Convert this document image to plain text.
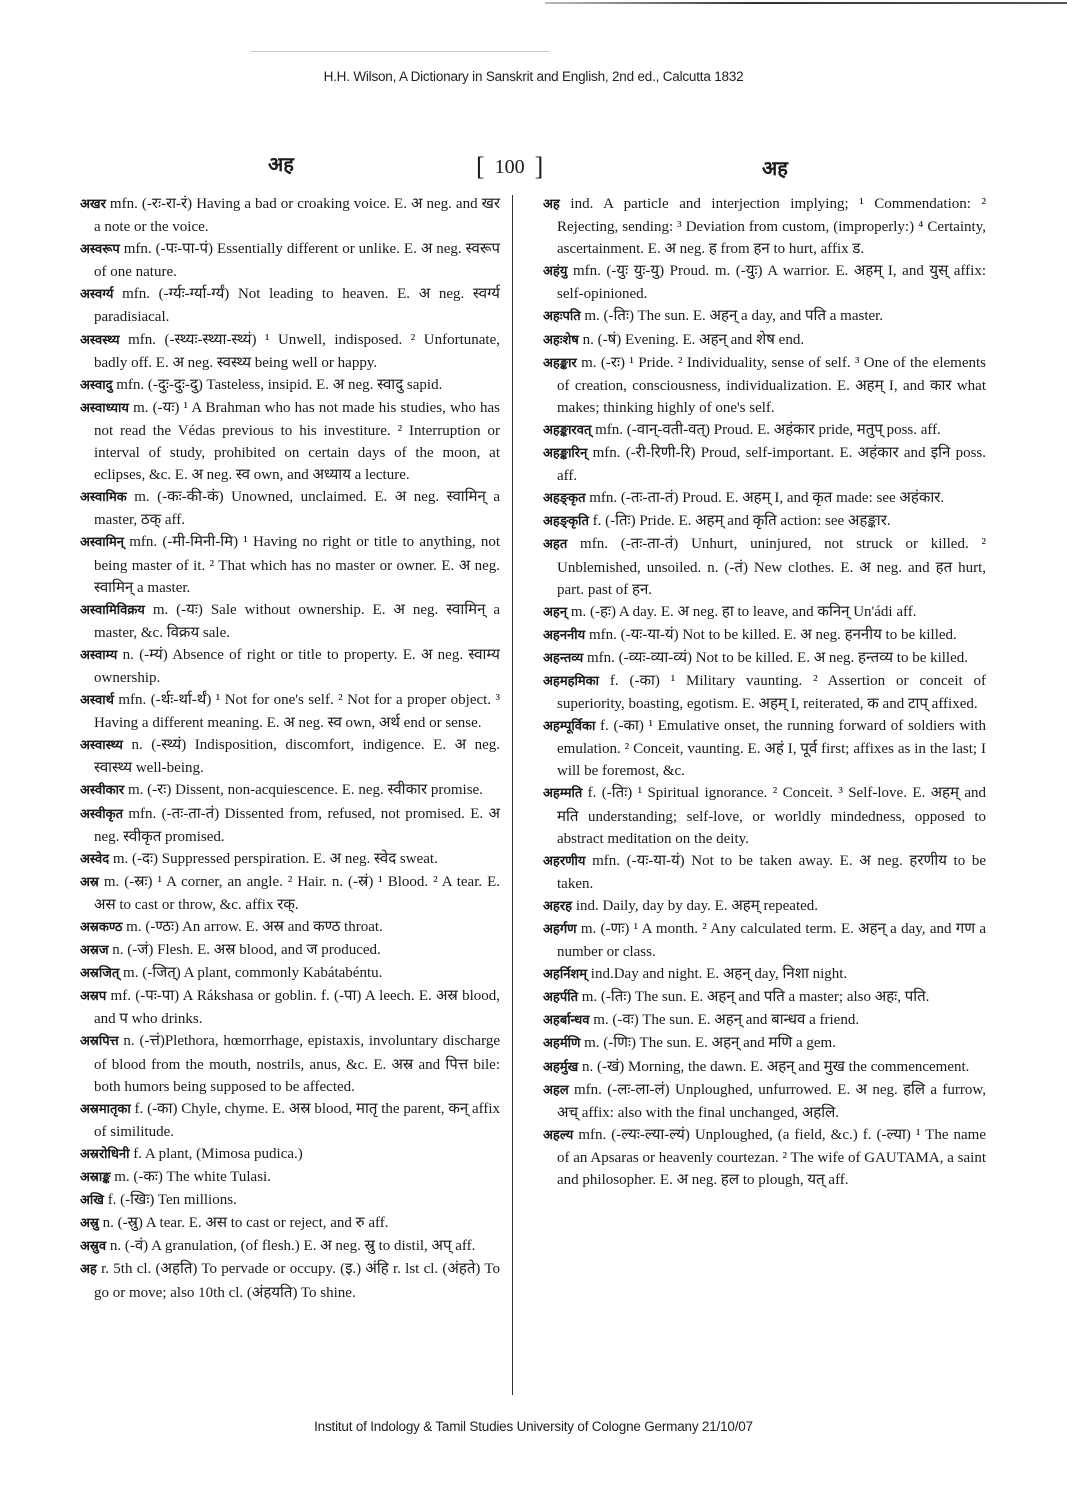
H.H. Wilson, A Dictionary in Sanskrit and English, 2nd ed., Calcutta 1832
अह	[ 100 ]	अह

अखर mfn. (-रः-रा-रं) Having a bad or croaking voice. E. अ neg. and खर a note or the voice.

अस्वरूप mfn. (-पः-पा-पं) Essentially different or unlike. E. अ neg. स्वरूप of one nature.

अस्वर्ग्य mfn. (-र्ग्यः-र्ग्या-र्ग्यं) Not leading to heaven. E. अ neg. स्वर्ग्य paradisiacal.

अस्वस्थ्य mfn. (-स्थ्यः-स्थ्या-स्थ्यं) ¹ Unwell, indisposed. ² Unfortunate, badly off. E. अ neg. स्वस्थ्य being well or happy.

अस्वादु mfn. (-दुः-दुः-दु) Tasteless, insipid. E. अ neg. स्वादु sapid.

अस्वाध्याय m. (-यः) ¹ A Brahman who has not made his studies, who has not read the Védas previous to his investiture. ² Interruption or interval of study, prohibited on certain days of the moon, at eclipses, &c. E. अ neg. स्व own, and अध्याय a lecture.

अस्वामिक m. (-कः-की-कं) Unowned, unclaimed. E. अ neg. स्वामिन् a master, ठक् aff.

अस्वामिन् mfn. (-मी-मिनी-मि) ¹ Having no right or title to anything, not being master of it. ² That which has no master or owner. E. अ neg. स्वामिन् a master.

अस्वामिविक्रय m. (-यः) Sale without ownership. E. अ neg. स्वामिन् a master, &c. विक्रय sale.

अस्वाम्य n. (-म्यं) Absence of right or title to property. E. अ neg. स्वाम्य ownership.

अस्वार्थ mfn. (-र्थः-र्था-र्थं) ¹ Not for one's self. ² Not for a proper object. ³ Having a different meaning. E. अ neg. स्व own, अर्थ end or sense.

अस्वास्थ्य n. (-स्थ्यं) Indisposition, discomfort, indigence. E. अ neg. स्वास्थ्य well-being.

अस्वीकार m. (-रः) Dissent, non-acquiescence. E. neg. स्वीकार promise.

अस्वीकृत mfn. (-तः-ता-तं) Dissented from, refused, not promised. E. अ neg. स्वीकृत promised.

अस्वेद m. (-दः) Suppressed perspiration. E. अ neg. स्वेद sweat.

अस्र m. (-स्रः) ¹ A corner, an angle. ² Hair. n. (-स्रं) ¹ Blood. ² A tear. E. अस to cast or throw, &c. affix रक्.

अस्रकण्ठ m. (-ण्ठः) An arrow. E. अस्र and कण्ठ throat.

अस्रज n. (-जं) Flesh. E. अस्र blood, and ज produced.

अस्रजित् m. (-जित्) A plant, commonly Kabátabéntu.

अस्रप mf. (-पः-पा) A Rákshasa or goblin. f. (-पा) A leech. E. अस्र blood, and प who drinks.

अस्रपित्त n. (-त्तं)Plethora, hœmorrhage, epistaxis, involuntary discharge of blood from the mouth, nostrils, anus, &c. E. अस्र and पित्त bile: both humors being supposed to be affected.

अस्रमातृका f. (-का) Chyle, chyme. E. अस्र blood, मातृ the parent, कन् affix of similitude.

अस्ररोधिनी f. A plant, (Mimosa pudica.)

अस्राङ्क m. (-कः) The white Tulasi.

अखि f. (-खिः) Ten millions.

अस्रु n. (-स्रु) A tear. E. अस to cast or reject, and रु aff.

अस्रुव n. (-वं) A granulation, (of flesh.) E. अ neg. स्रु to distil, अप् aff.

अह r. 5th cl. (अहति) To pervade or occupy. (इ.) अंहि r. lst cl. (अंहते) To go or move; also 10th cl. (अंहयति) To shine.

अह ind. A particle and interjection implying; ¹ Commendation: ² Rejecting, sending: ³ Deviation from custom, (improperly:) ⁴ Certainty, ascertainment. E. अ neg. ह from हन to hurt, affix ड.

अहंयु mfn. (-युः युः-यु) Proud. m. (-युः) A warrior. E. अहम् I, and युस् affix: self-opinioned.

अहःपति m. (-तिः) The sun. E. अहन् a day, and पति a master.

अहःशेष n. (-षं) Evening. E. अहन् and शेष end.

अहङ्कार m. (-रः) ¹ Pride. ² Individuality, sense of self. ³ One of the elements of creation, consciousness, individualization. E. अहम् I, and कार what makes; thinking highly of one's self.

अहङ्कारवत् mfn. (-वान्-वती-वत्) Proud. E. अहंकार pride, मतुप् poss. aff.

अहङ्कारिन् mfn. (-री-रिणी-रि) Proud, self-important. E. अहंकार and इनि poss. aff.

अहङ्कृत mfn. (-तः-ता-तं) Proud. E. अहम् I, and कृत made: see अहंकार.

अहङ्कृति f. (-तिः) Pride. E. अहम् and कृति action: see अहङ्कार.

अहत mfn. (-तः-ता-तं) Unhurt, uninjured, not struck or killed. ² Unblemished, unsoiled. n. (-तं) New clothes. E. अ neg. and हत hurt, part. past of हन.

अहन् m. (-हः) A day. E. अ neg. हा to leave, and कनिन् Un'ádi aff.

अहननीय mfn. (-यः-या-यं) Not to be killed. E. अ neg. हननीय to be killed.

अहन्तव्य mfn. (-व्यः-व्या-व्यं) Not to be killed. E. अ neg. हन्तव्य to be killed.

अहमहमिका f. (-का) ¹ Military vaunting. ² Assertion or conceit of superiority, boasting, egotism. E. अहम् I, reiterated, क and टाप् affixed.

अहम्पूर्विका f. (-का) ¹ Emulative onset, the running forward of soldiers with emulation. ² Conceit, vaunting. E. अहं I, पूर्व first; affixes as in the last; I will be foremost, &c.

अहम्मति f. (-तिः) ¹ Spiritual ignorance. ² Conceit. ³ Self-love. E. अहम् and मति understanding; self-love, or worldly mindedness, opposed to abstract meditation on the deity.

अहरणीय mfn. (-यः-या-यं) Not to be taken away. E. अ neg. हरणीय to be taken.

अहरह ind. Daily, day by day. E. अहम् repeated.

अहर्गण m. (-णः) ¹ A month. ² Any calculated term. E. अहन् a day, and गण a number or class.

अहर्निशम् ind.Day and night. E. अहन् day, निशा night.

अहर्पति m. (-तिः) The sun. E. अहन् and पति a master; also अहः, पति.

अहर्बान्धव m. (-वः) The sun. E. अहन् and बान्धव a friend.

अहर्मणि m. (-णिः) The sun. E. अहन् and मणि a gem.

अहर्मुख n. (-खं) Morning, the dawn. E. अहन् and मुख the commencement.

अहल mfn. (-लः-ला-लं) Unploughed, unfurrowed. E. अ neg. हलि a furrow, अच् affix: also with the final unchanged, अहलि.

अहल्य mfn. (-ल्यः-ल्या-ल्यं) Unploughed, (a field, &c.) f. (-ल्या) ¹ The name of an Apsaras or heavenly courtezan. ² The wife of GAUTAMA, a saint and philosopher. E. अ neg. हल to plough, यत् aff.

Institut of Indology & Tamil Studies University of Cologne Germany 21/10/07
